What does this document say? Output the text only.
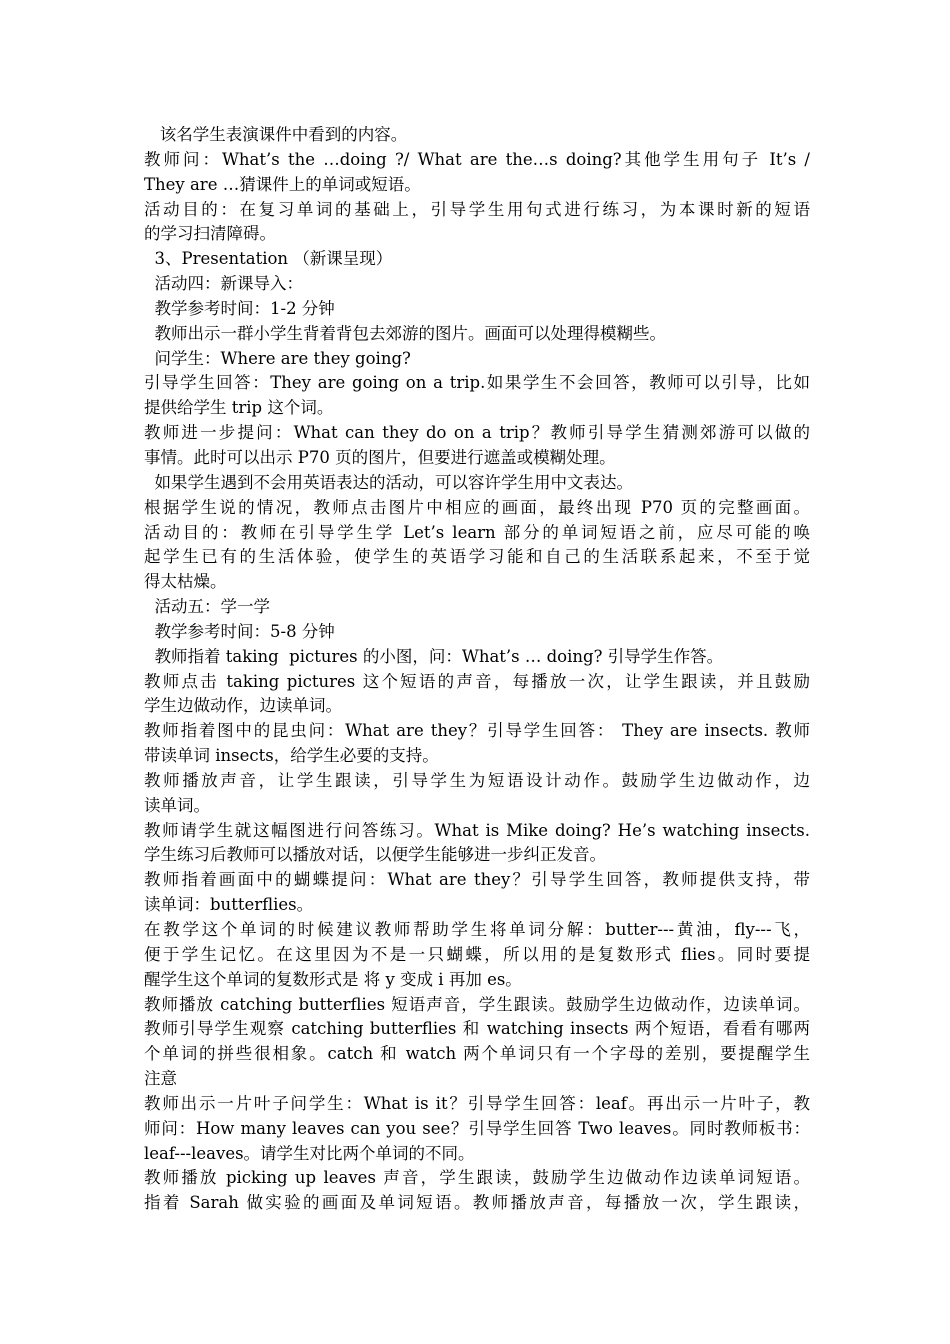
该名学生表演课件中看到的内容。
教师问：What’s the …doing ?/ What are the…s doing?其他学生用句子 It’s /
They are …猜课件上的单词或短语。
活动目的：在复习单词的基础上，引导学生用句式进行练习，为本课时新的短语
的学习扫清障碍。
3、Presentation （新课呈现）
活动四：新课导入：
教学参考时间：1-2 分钟
教师出示一群小学生背着背包去郊游的图片。画面可以处理得模糊些。
问学生：Where are they going?
引导学生回答：They are going on a trip.如果学生不会回答，教师可以引导，比如
提供给学生 trip 这个词。
教师进一步提问：What can they do on a trip？教师引导学生猜测郊游可以做的
事情。此时可以出示 P70 页的图片，但要进行遮盖或模糊处理。
如果学生遇到不会用英语表达的活动，可以容许学生用中文表达。
根据学生说的情况，教师点击图片中相应的画面，最终出现 P70 页的完整画面。
活动目的：教师在引导学生学 Let’s learn 部分的单词短语之前，应尽可能的唤
起学生已有的生活体验，使学生的英语学习能和自己的生活联系起来，不至于觉
得太枯燥。
活动五：学一学
教学参考时间：5-8 分钟
教师指着 taking  pictures 的小图，问：What’s … doing? 引导学生作答。
教师点击 taking pictures 这个短语的声音，每播放一次，让学生跟读，并且鼓励
学生边做动作，边读单词。
教师指着图中的昆虫问：What are they？引导学生回答： They are insects. 教师
带读单词 insects，给学生必要的支持。
教师播放声音，让学生跟读，引导学生为短语设计动作。鼓励学生边做动作，边
读单词。
教师请学生就这幅图进行问答练习。What is Mike doing? He’s watching insects.
学生练习后教师可以播放对话，以便学生能够进一步纠正发音。
教师指着画面中的蝴蝶提问：What are they？引导学生回答，教师提供支持，带
读单词：butterflies。
在教学这个单词的时候建议教师帮助学生将单词分解：butter---黄油，fly---飞，
便于学生记忆。在这里因为不是一只蝴蝶，所以用的是复数形式 flies。同时要提
醒学生这个单词的复数形式是 将 y 变成 i 再加 es。
教师播放 catching butterflies 短语声音，学生跟读。鼓励学生边做动作，边读单词。
教师引导学生观察 catching butterflies 和 watching insects 两个短语，看看有哪两
个单词的拼些很相象。catch 和 watch 两个单词只有一个字母的差别，要提醒学生
注意
教师出示一片叶子问学生：What is it？引导学生回答：leaf。再出示一片叶子，教
师问：How many leaves can you see？引导学生回答 Two leaves。同时教师板书：
leaf---leaves。请学生对比两个单词的不同。
教师播放 picking up leaves 声音，学生跟读，鼓励学生边做动作边读单词短语。
指着 Sarah 做实验的画面及单词短语。教师播放声音，每播放一次，学生跟读，
